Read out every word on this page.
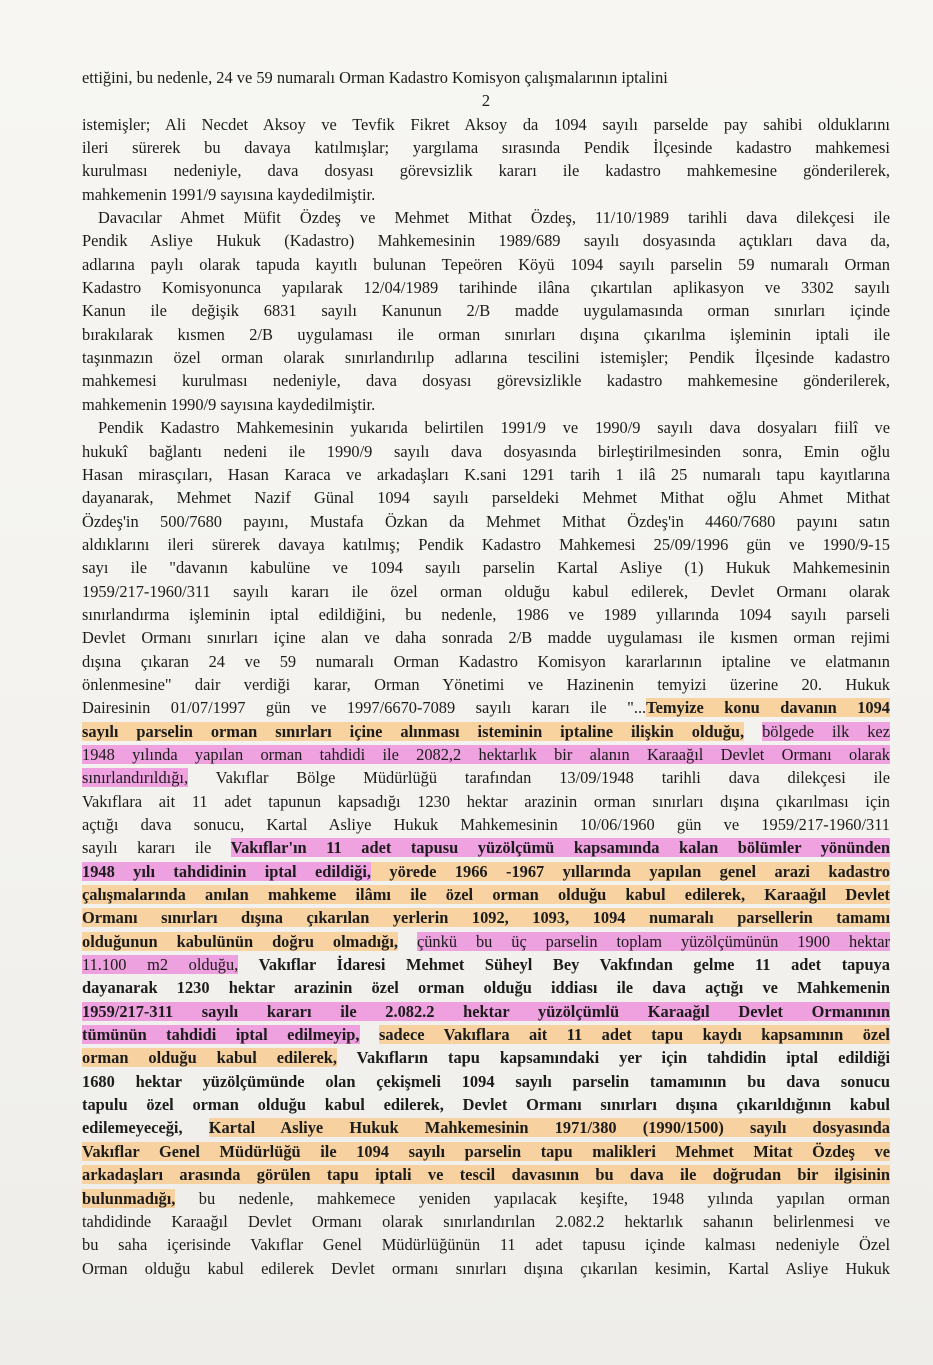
ettiğini, bu nedenle, 24 ve 59 numaralı Orman Kadastro Komisyon çalışmalarının iptalini
2
istemişler; Ali Necdet Aksoy ve Tevfik Fikret Aksoy da 1094 sayılı parselde pay sahibi olduklarını
ileri sürerek bu davaya katılmışlar; yargılama sırasında Pendik İlçesinde kadastro mahkemesi
kurulması nedeniyle, dava dosyası görevsizlik kararı ile kadastro mahkemesine gönderilerek,
mahkemenin 1991/9 sayısına kaydedilmiştir.
Davacılar Ahmet Müfit Özdeş ve Mehmet Mithat Özdeş, 11/10/1989 tarihli dava dilekçesi ile
Pendik Asliye Hukuk (Kadastro) Mahkemesinin 1989/689 sayılı dosyasında açtıkları dava da,
adlarına paylı olarak tapuda kayıtlı bulunan Tepeören Köyü 1094 sayılı parselin 59 numaralı Orman
Kadastro Komisyonunca yapılarak 12/04/1989 tarihinde ilâna çıkartılan aplikasyon ve 3302 sayılı
Kanun ile değişik 6831 sayılı Kanunun 2/B madde uygulamasında orman sınırları içinde
bırakılarak kısmen 2/B uygulaması ile orman sınırları dışına çıkarılma işleminin iptali ile
taşınmazın özel orman olarak sınırlandırılıp adlarına tescilini istemişler; Pendik İlçesinde kadastro
mahkemesi kurulması nedeniyle, dava dosyası görevsizlikle kadastro mahkemesine gönderilerek,
mahkemenin 1990/9 sayısına kaydedilmiştir.
Pendik Kadastro Mahkemesinin yukarıda belirtilen 1991/9 ve 1990/9 sayılı dava dosyaları fiilî ve
hukukî bağlantı nedeni ile 1990/9 sayılı dava dosyasında birleştirilmesinden sonra, Emin oğlu
Hasan mirasçıları, Hasan Karaca ve arkadaşları K.sani 1291 tarih 1 ilâ 25 numaralı tapu kayıtlarına
dayanarak, Mehmet Nazif Günal 1094 sayılı parseldeki Mehmet Mithat oğlu Ahmet Mithat
Özdeş'in 500/7680 payını, Mustafa Özkan da Mehmet Mithat Özdeş'in 4460/7680 payını satın
aldıklarını ileri sürerek davaya katılmış; Pendik Kadastro Mahkemesi 25/09/1996 gün ve 1990/9-15
sayı ile "davanın kabulüne ve 1094 sayılı parselin Kartal Asliye (1) Hukuk Mahkemesinin
1959/217-1960/311 sayılı kararı ile özel orman olduğu kabul edilerek, Devlet Ormanı olarak
sınırlandırma işleminin iptal edildiğini, bu nedenle, 1986 ve 1989 yıllarında 1094 sayılı parseli
Devlet Ormanı sınırları içine alan ve daha sonrada 2/B madde uygulaması ile kısmen orman rejimi
dışına çıkaran 24 ve 59 numaralı Orman Kadastro Komisyon kararlarının iptaline ve elatmanın
önlenmesine" dair verdiği karar, Orman Yönetimi ve Hazinenin temyizi üzerine 20. Hukuk
Dairesinin 01/07/1997 gün ve 1997/6670-7089 sayılı kararı ile "...Temyize konu davanın 1094
sayılı parselin orman sınırları içine alınması isteminin iptaline ilişkin olduğu, bölgede ilk kez
1948 yılında yapılan orman tahdidi ile 2082,2 hektarlık bir alanın Karaağıl Devlet Ormanı olarak
sınırlandırıldığı, Vakıflar Bölge Müdürlüğü tarafından 13/09/1948 tarihli dava dilekçesi ile
Vakıflara ait 11 adet tapunun kapsadığı 1230 hektar arazinin orman sınırları dışına çıkarılması için
açtığı dava sonucu, Kartal Asliye Hukuk Mahkemesinin 10/06/1960 gün ve 1959/217-1960/311
sayılı kararı ile Vakıflar'ın 11 adet tapusu yüzölçümü kapsamında kalan bölümler yönünden
1948 yılı tahdidinin iptal edildiği, yörede 1966 -1967 yıllarında yapılan genel arazi kadastro
çalışmalarında anılan mahkeme ilâmı ile özel orman olduğu kabul edilerek, Karaağıl Devlet
Ormanı sınırları dışına çıkarılan yerlerin 1092, 1093, 1094 numaralı parsellerin tamamı
olduğunun kabulünün doğru olmadığı, çünkü bu üç parselin toplam yüzölçümünün 1900 hektar
11.100 m2 olduğu, Vakıflar İdaresi Mehmet Süheyl Bey Vakfından gelme 11 adet tapuya
dayanarak 1230 hektar arazinin özel orman olduğu iddiası ile dava açtığı ve Mahkemenin
1959/217-311 sayılı kararı ile 2.082.2 hektar yüzölçümlü Karaağıl Devlet Ormanının
tümünün tahdidi iptal edilmeyip, sadece Vakıflara ait 11 adet tapu kaydı kapsamının özel
orman olduğu kabul edilerek, Vakıfların tapu kapsamındaki yer için tahdidin iptal edildiği
1680 hektar yüzölçümünde olan çekişmeli 1094 sayılı parselin tamamının bu dava sonucu
tapulu özel orman olduğu kabul edilerek, Devlet Ormanı sınırları dışına çıkarıldığının kabul
edilemeyeceği, Kartal Asliye Hukuk Mahkemesinin 1971/380 (1990/1500) sayılı dosyasında
Vakıflar Genel Müdürlüğü ile 1094 sayılı parselin tapu malikleri Mehmet Mitat Özdeş ve
arkadaşları arasında görülen tapu iptali ve tescil davasının bu dava ile doğrudan bir ilgisinin
bulunmadığı, bu nedenle, mahkemece yeniden yapılacak keşifte, 1948 yılında yapılan orman
tahdidinde Karaağıl Devlet Ormanı olarak sınırlandırılan 2.082.2 hektarlık sahanın belirlenmesi ve
bu saha içerisinde Vakıflar Genel Müdürlüğünün 11 adet tapusu içinde kalması nedeniyle Özel
Orman olduğu kabul edilerek Devlet ormanı sınırları dışına çıkarılan kesimin, Kartal Asliye Hukuk
